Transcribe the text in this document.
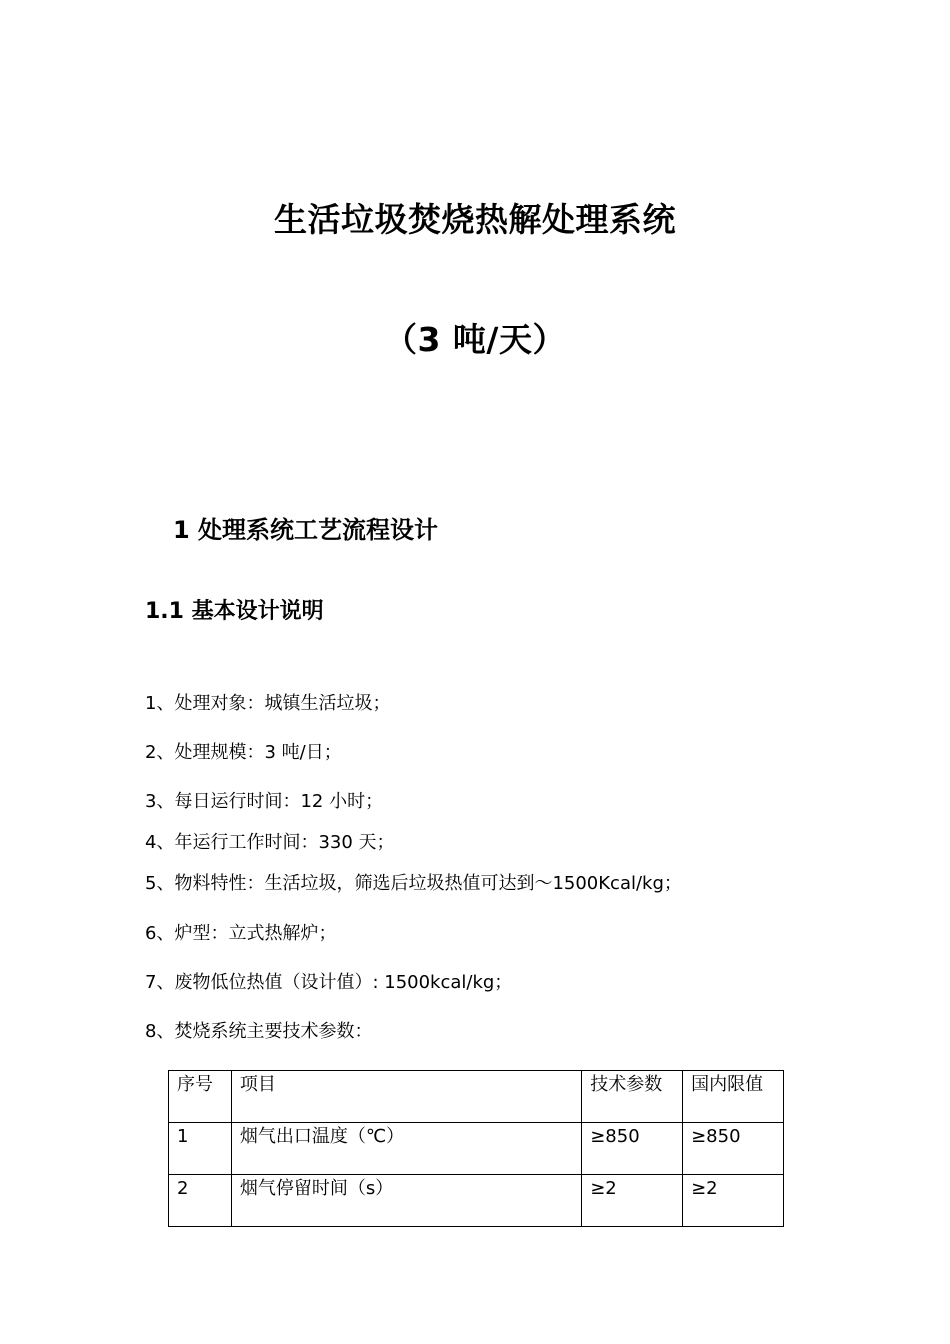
生活垃圾焚烧热解处理系统
（3 吨/天）
1 处理系统工艺流程设计
1.1 基本设计说明
1、处理对象：城镇生活垃圾；
2、处理规模：3 吨/日；
3、每日运行时间：12 小时；
4、年运行工作时间：330 天；
5、物料特性：生活垃圾，筛选后垃圾热值可达到～1500Kcal/kg；
6、炉型：立式热解炉；
7、废物低位热值（设计值）: 1500kcal/kg；
8、焚烧系统主要技术参数：
序号	项目	技术参数	国内限值
1	烟气出口温度（℃）	≥850	≥850
2	烟气停留时间（s）	≥2	≥2
